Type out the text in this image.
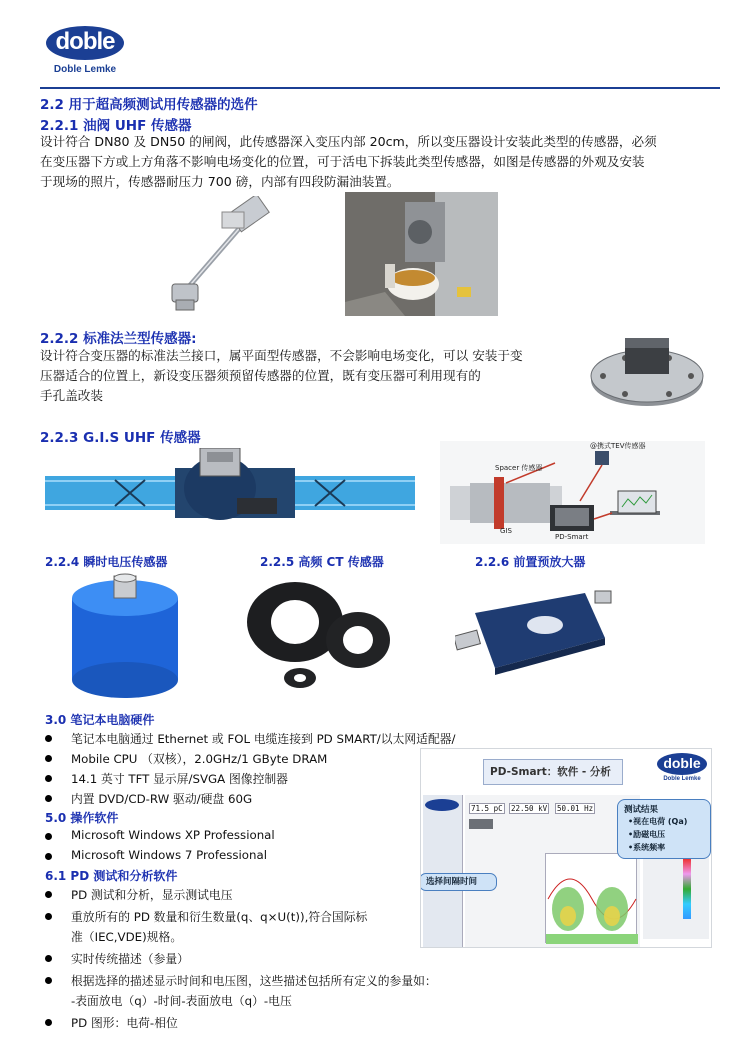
doble
Doble Lemke
2.2 用于超高频测试用传感器的选件
2.2.1 油阀 UHF 传感器
设计符合 DN80 及 DN50 的闸阀，此传感器深入变压内部 20cm，所以变压器设计安装此类型的传感器，必须
在变压器下方或上方角落不影响电场变化的位置，可于活电下拆装此类型传感器，如图是传感器的外观及安装
于现场的照片，传感器耐压力 700 磅，内部有四段防漏油装置。
2.2.2 标准法兰型传感器:
设计符合变压器的标准法兰接口，属平面型传感器，不会影响电场变化，可以 安装于变
压器适合的位置上，新设变压器须预留传感器的位置，既有变压器可利用现有的
手孔盖改装
2.2.3 G.I.S UHF 传感器
Spacer 传感器
@携式TEV传感器
GIS
PD-Smart
2.2.4 瞬时电压传感器	2.2.5 高频 CT 传感器	2.2.6 前置预放大器
3.0 笔记本电脑硬件
笔记本电脑通过 Ethernet 或 FOL 电缆连接到 PD SMART/以太网适配器/
Mobile CPU （双核），2.0GHz/1 GByte DRAM
14.1 英寸 TFT 显示屏/SVGA 图像控制器
内置 DVD/CD-RW 驱动/硬盘 60G
5.0 操作软件
Microsoft Windows XP Professional
Microsoft Windows 7 Professional
6.1 PD 测试和分析软件
PD 测试和分析，显示测试电压
重放所有的 PD 数量和衍生数量(q、q×U(t)),符合国际标
准（IEC,VDE)规格。
实时传统描述（参量）
根据选择的描述显示时间和电压图，这些描述包括所有定义的参量如：
-表面放电（q）-时间-表面放电（q）-电压
PD 图形：电荷-相位
PD-Smart：软件 - 分析
doble
Doble Lemke
71.5 pC	22.50 kV 50.01 Hz	测试结果
•视在电荷 (Qa)
•励磁电压
•系统频率
选择间隔时间
